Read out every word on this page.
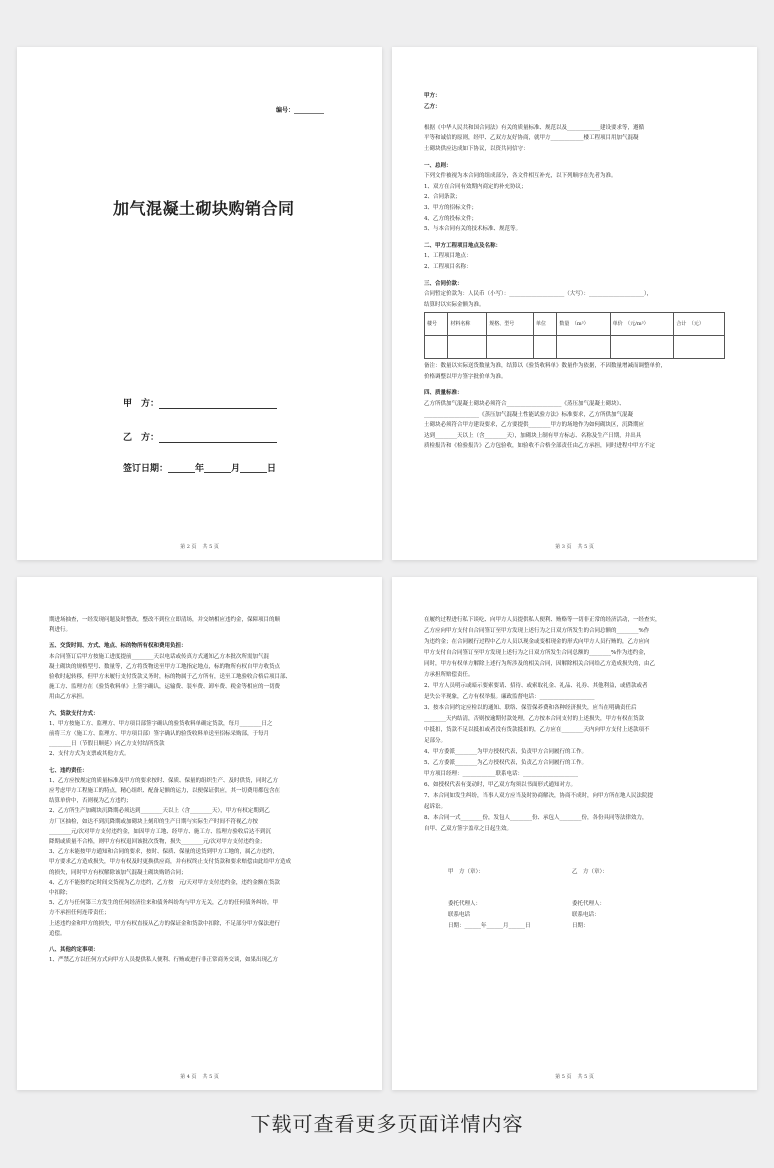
编号：__________
加气混凝土砌块购销合同
甲　方：
乙　方：
签订日期：______年______月______日
第 2 页 共 5 页

甲方：

乙方：

根据《中华人民共和国合同法》有关的质量标准、规范以及____________建设要求等，遵循

平等和诚信的原则，经甲、乙双方友好协商，就甲方____________楼工程项目用加气混凝

土砌块供应达成如下协议，以资共同信守：

一、总则：

下列文件被视为本合同的组成部分，各文件相互补充，以下列顺序在先者为准。

1、双方在合同有效期内商定的补充协议；

2、合同条款；

3、甲方的招标文件；

4、乙方的投标文件；

5、与本合同有关的技术标准、规范等。

二、甲方工程项目地点及名称：

1、工程项目地点：

2、工程项目名称：

三、合同价款：

合同暂定价款为：人民币（小写）：____________________（大写）：____________________），

结算时以实际金额为准。

楼号	材料名称	规格、型号	单位	数量　（m³）	单价　（元/m³）	合计　（元）

备注：数量以实际送货数量为准，结算以《验货收料单》数量作为依据，不因数量增减而调整单价，

价格调整以甲方签字批价单为准。

四、质量标准：

乙方所供加气混凝土砌块必须符合____________________《蒸压加气混凝土砌块》、

____________________《蒸压加气混凝土性能试验方法》标准要求，乙方所供加气混凝

土砌块必须符合甲方建设要求，乙方要提供________甲方的场地作为如何砌块区，沉降期应

达到________天以上（含________天），加砌块上制有甲方标志、名称及生产日期，并出具

质检报告和《检验报告》乙方包验收，如验收不合格全部责任由乙方承担，同时进程中甲方不定

第 3 页 共 5 页

期进场抽查，一经发现问题及时整改，整改不到位立即清场，并交纳相应违约金，保障项目的顺

利进行。

五、交货时间、方式、地点、标的物所有权和费用负担：

本合同签订后甲方按施工进度提前________天以电话或传真方式通知乙方本批次所需加气混

凝土砌块的规格型号、数量等，乙方将货物送至甲方工地指定地点，标的物所有权自甲方收货点

验收时起转移，但甲方未履行支付货款义务时，标的物属于乙方所有，送至工地验收合格后项目部、

施工方、监理方在《验货收料单》上签字确认，运输费、装车费、卸车费、税金等相应的一切费

用由乙方承担。

六、货款支付方式：

1、甲方按施工方、监理方、甲方项目部签字确认的验货收料单确定货款，每月________日之

前将三方（施工方、监理方、甲方项目部）签字确认的验货收料单送至招标采购部，于每月

________日（节假日顺延）向乙方支付结所货款

2、支付方式为支票或其他方式。

七、违约责任：

1、乙方应按规定的质量标准及甲方的要求按时、保质、保量的组织生产、及时供货，同时乙方

应考虑甲方工程施工的特点，精心组织、配备足额的运力，以便保证供应，其一切费用都包含在

结算单价中，否则视为乙方违约；

2、乙方所生产加砌块沉降期必须达到________天以上（含________天），甲方有权定期到乙

方厂区抽检，如达不到沉降期或加砌块上刻印的生产日期与实际生产时间不符视乙方按

________元/次对甲方支付违约金，如因甲方工地、经甲方、施工方、监理方验收后达不到沉

降期或质量不合格，则甲方有权退回该批次货物，损失________元/次对甲方支付违约金；

3、乙方未能按甲方通知和合同的要求，按时、保质、保量的送货到甲方工地的，属乙方违约，

甲方要求乙方造成损失，甲方有权及时更换供应商，并有权终止支付货款和要求赔偿由此给甲方造成

的损失，同时甲方有权解除该加气混凝土砌块购销合同；

4、乙方不能按约定时间交货视为乙方违约，乙方按　元/天对甲方支付违约金，违约金额在货款

中扣除；

5、乙方与任何第三方发生的任何经济往来和债务纠纷均与甲方无关，乙方的任何债务纠纷，甲

方不承担任何连带责任；

上述违约金和甲方的损失，甲方有权直接从乙方的保证金和货款中扣除，不足部分甲方保法进行

追偿。

八、其他约定事项：

1、严禁乙方以任何方式向甲方人员提供私人便利、行贿或进行非正常商务交谈，如果出现乙方

第 4 页 共 5 页

在履约过程进行私下谈吃、向甲方人员提供私人便利、贿赂等一切非正常的经济活动，一经查实，

乙方应向甲方支付自合同签订至甲方发现上述行为之日双方所发生的合同总额的________%作

为违约金；在合同履行过程中乙方人员以现金或变相现金的形式向甲方人员行贿的，乙方应向

甲方支付自合同签订至甲方发现上述行为之日双方所发生合同总额的________%作为违约金，

同时，甲方有权单方解除上述行为所涉及的相关合同，因解除相关合同给乙方造成损失的，由乙

方承担所赔偿责任。

2、甲方人员明示或暗示要索要请、招待、或索取礼金、礼品、礼券、其他利益，或借款或者

是失公平现象，乙方有权举报。廉政监督电话：____________________

3、按本合同约定应检以的通知、联络、保管保养费和各种经济损失，应当在明确责任后

________天内结清，否则按逾期付款处理，乙方按本合同支付的上述损失，甲方有权在货款

中抵扣，货款不足以抵扣或者没有货款抵扣的，乙方应在________天内向甲方支付上述款项不

足部分。

4、甲方委派________为甲方授权代表，负责甲方合同履行的工作。

5、乙方委派________为乙方授权代表，负责乙方合同履行的工作。

甲方项目经理：____________联系电话：____________________

6、如授权代表有变动时，甲乙双方均须以书面形式通知对方。

7、本合同如发生纠纷，当事人双方应当及时协商解决，协商不成时，向甲方所在地人民法院提

起诉讼。

8、本合同一式________份，发包人________份、承包人________份，各份具同等法律效力，

自甲、乙双方签字盖章之日起生效。

甲　方（章）：	乙　方（章）：
委托代理人：	委托代理人：
联系电话	联系电话：
日期：______年______月______日	日期：
第 5 页 共 5 页
下载可查看更多页面详情内容
